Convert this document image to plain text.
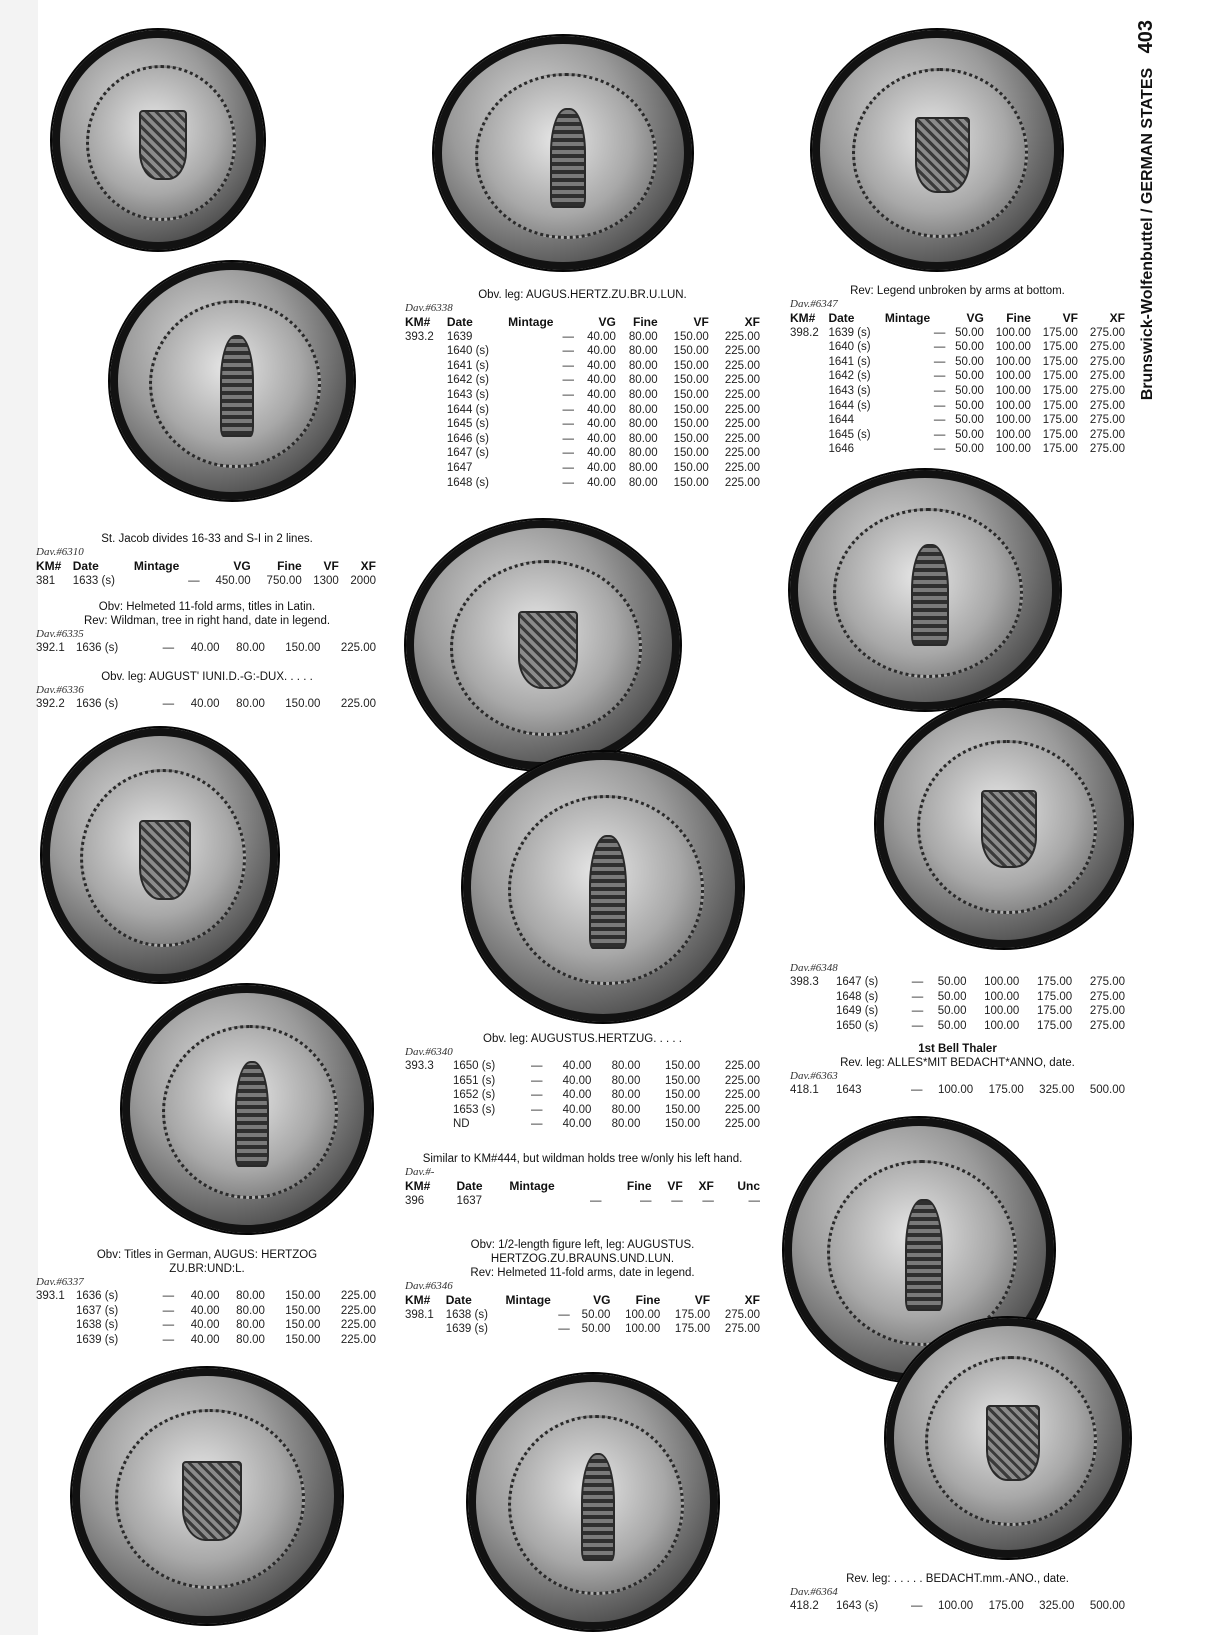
Brunswick-Wolfenbuttel / GERMAN STATES 403
St. Jacob divides 16-33 and S-I in 2 lines.
Dav.#6310
KM#	Date	Mintage	VG	Fine	VF	XF
381	1633 (s)	—	450.00	750.00	1300	2000
Obv: Helmeted 11-fold arms, titles in Latin.
Rev: Wildman, tree in right hand, date in legend.
Dav.#6335
392.1	1636 (s)	—	40.00	80.00	150.00	225.00
Obv. leg: AUGUST' IUNI.D.-G:-DUX. . . . .
Dav.#6336
392.2	1636 (s)	—	40.00	80.00	150.00	225.00
Obv: Titles in German, AUGUS: HERTZOG ZU.BR:UND:L.
Dav.#6337
393.1	1636 (s)	—	40.00	80.00	150.00	225.00
	1637 (s)	—	40.00	80.00	150.00	225.00
	1638 (s)	—	40.00	80.00	150.00	225.00
	1639 (s)	—	40.00	80.00	150.00	225.00
Obv. leg: AUGUS.HERTZ.ZU.BR.U.LUN.
Dav.#6338
KM#	Date	Mintage	VG	Fine	VF	XF
393.2	1639	—	40.00	80.00	150.00	225.00
	1640 (s)	—	40.00	80.00	150.00	225.00
	1641 (s)	—	40.00	80.00	150.00	225.00
	1642 (s)	—	40.00	80.00	150.00	225.00
	1643 (s)	—	40.00	80.00	150.00	225.00
	1644 (s)	—	40.00	80.00	150.00	225.00
	1645 (s)	—	40.00	80.00	150.00	225.00
	1646 (s)	—	40.00	80.00	150.00	225.00
	1647 (s)	—	40.00	80.00	150.00	225.00
	1647	—	40.00	80.00	150.00	225.00
	1648 (s)	—	40.00	80.00	150.00	225.00
Obv. leg: AUGUSTUS.HERTZUG. . . . .
Dav.#6340
393.3	1650 (s)	—	40.00	80.00	150.00	225.00
	1651 (s)	—	40.00	80.00	150.00	225.00
	1652 (s)	—	40.00	80.00	150.00	225.00
	1653 (s)	—	40.00	80.00	150.00	225.00
	ND	—	40.00	80.00	150.00	225.00
Similar to KM#444, but wildman holds tree w/only his left hand.
Dav.#-
KM#	Date	Mintage	Fine	VF	XF	Unc
396	1637	—	—	—	—	—
Obv: 1/2-length figure left, leg: AUGUSTUS. HERTZOG.ZU.BRAUNS.UND.LUN.
Rev: Helmeted 11-fold arms, date in legend.
Dav.#6346
KM#	Date	Mintage	VG	Fine	VF	XF
398.1	1638 (s)	—	50.00	100.00	175.00	275.00
	1639 (s)	—	50.00	100.00	175.00	275.00
Rev: Legend unbroken by arms at bottom.
Dav.#6347
KM#	Date	Mintage	VG	Fine	VF	XF
398.2	1639 (s)	—	50.00	100.00	175.00	275.00
	1640 (s)	—	50.00	100.00	175.00	275.00
	1641 (s)	—	50.00	100.00	175.00	275.00
	1642 (s)	—	50.00	100.00	175.00	275.00
	1643 (s)	—	50.00	100.00	175.00	275.00
	1644 (s)	—	50.00	100.00	175.00	275.00
	1644	—	50.00	100.00	175.00	275.00
	1645 (s)	—	50.00	100.00	175.00	275.00
	1646	—	50.00	100.00	175.00	275.00
Dav.#6348
398.3	1647 (s)	—	50.00	100.00	175.00	275.00
	1648 (s)	—	50.00	100.00	175.00	275.00
	1649 (s)	—	50.00	100.00	175.00	275.00
	1650 (s)	—	50.00	100.00	175.00	275.00
1st Bell Thaler
Rev. leg: ALLES*MIT BEDACHT*ANNO, date.
Dav.#6363
418.1	1643	—	100.00	175.00	325.00	500.00
Rev. leg: . . . . . BEDACHT.mm.-ANO., date.
Dav.#6364
418.2	1643 (s)	—	100.00	175.00	325.00	500.00
